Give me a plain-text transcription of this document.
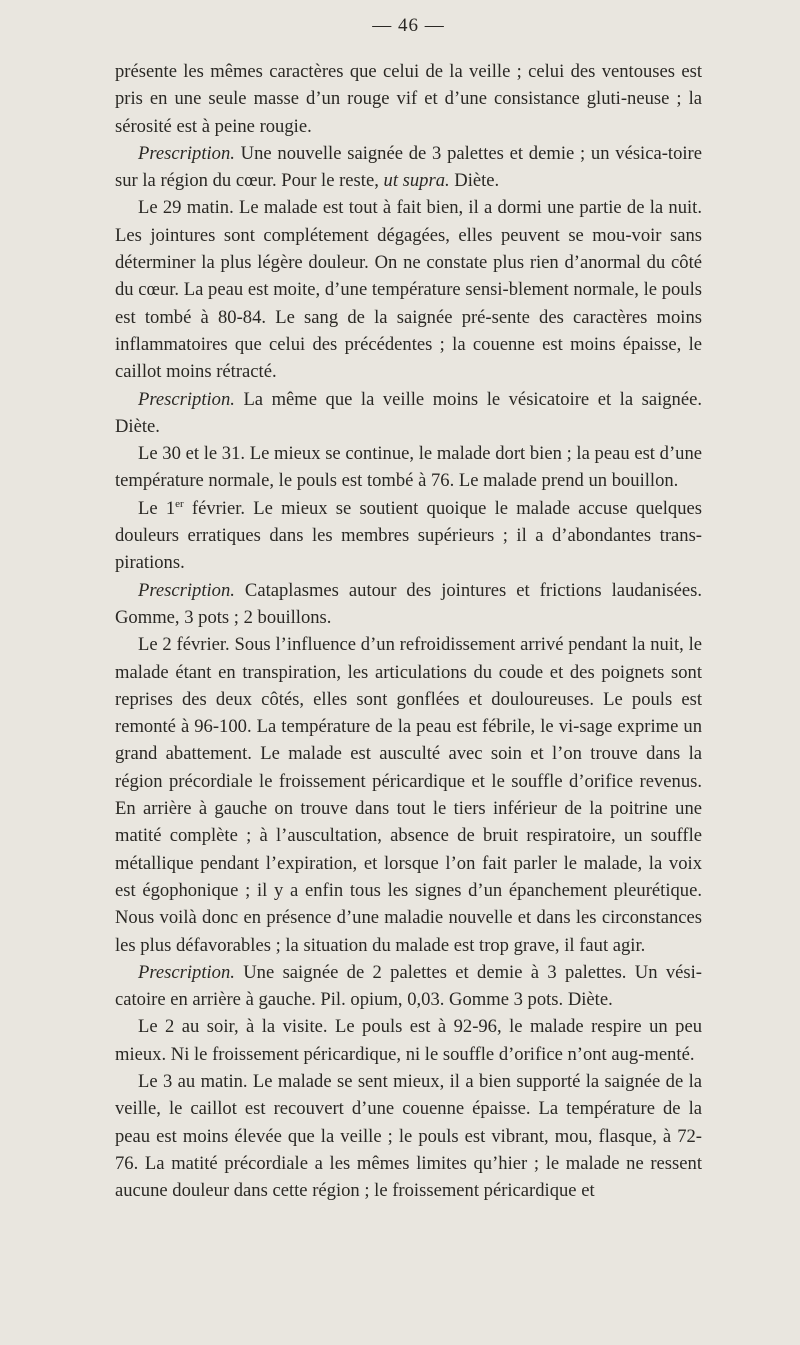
— 46 —

présente les mêmes caractères que celui de la veille ; celui des ventouses est pris en une seule masse d’un rouge vif et d’une consistance gluti-neuse ; la sérosité est à peine rougie.

Prescription. Une nouvelle saignée de 3 palettes et demie ; un vésica-toire sur la région du cœur. Pour le reste, ut supra. Diète.

Le 29 matin. Le malade est tout à fait bien, il a dormi une partie de la nuit. Les jointures sont complétement dégagées, elles peuvent se mou-voir sans déterminer la plus légère douleur. On ne constate plus rien d’anormal du côté du cœur. La peau est moite, d’une température sensi-blement normale, le pouls est tombé à 80-84. Le sang de la saignée pré-sente des caractères moins inflammatoires que celui des précédentes ; la couenne est moins épaisse, le caillot moins rétracté.

Prescription. La même que la veille moins le vésicatoire et la saignée. Diète.

Le 30 et le 31. Le mieux se continue, le malade dort bien ; la peau est d’une température normale, le pouls est tombé à 76. Le malade prend un bouillon.

Le 1er février. Le mieux se soutient quoique le malade accuse quelques douleurs erratiques dans les membres supérieurs ; il a d’abondantes trans-pirations.

Prescription. Cataplasmes autour des jointures et frictions laudanisées. Gomme, 3 pots ; 2 bouillons.

Le 2 février. Sous l’influence d’un refroidissement arrivé pendant la nuit, le malade étant en transpiration, les articulations du coude et des poignets sont reprises des deux côtés, elles sont gonflées et douloureuses. Le pouls est remonté à 96-100. La température de la peau est fébrile, le vi-sage exprime un grand abattement. Le malade est ausculté avec soin et l’on trouve dans la région précordiale le froissement péricardique et le souffle d’orifice revenus. En arrière à gauche on trouve dans tout le tiers inférieur de la poitrine une matité complète ; à l’auscultation, absence de bruit respiratoire, un souffle métallique pendant l’expiration, et lorsque l’on fait parler le malade, la voix est égophonique ; il y a enfin tous les signes d’un épanchement pleurétique. Nous voilà donc en présence d’une maladie nouvelle et dans les circonstances les plus défavorables ; la situation du malade est trop grave, il faut agir.

Prescription. Une saignée de 2 palettes et demie à 3 palettes. Un vési-catoire en arrière à gauche. Pil. opium, 0,03. Gomme 3 pots. Diète.

Le 2 au soir, à la visite. Le pouls est à 92-96, le malade respire un peu mieux. Ni le froissement péricardique, ni le souffle d’orifice n’ont aug-menté.

Le 3 au matin. Le malade se sent mieux, il a bien supporté la saignée de la veille, le caillot est recouvert d’une couenne épaisse. La température de la peau est moins élevée que la veille ; le pouls est vibrant, mou, flasque, à 72-76. La matité précordiale a les mêmes limites qu’hier ; le malade ne ressent aucune douleur dans cette région ; le froissement péricardique et
